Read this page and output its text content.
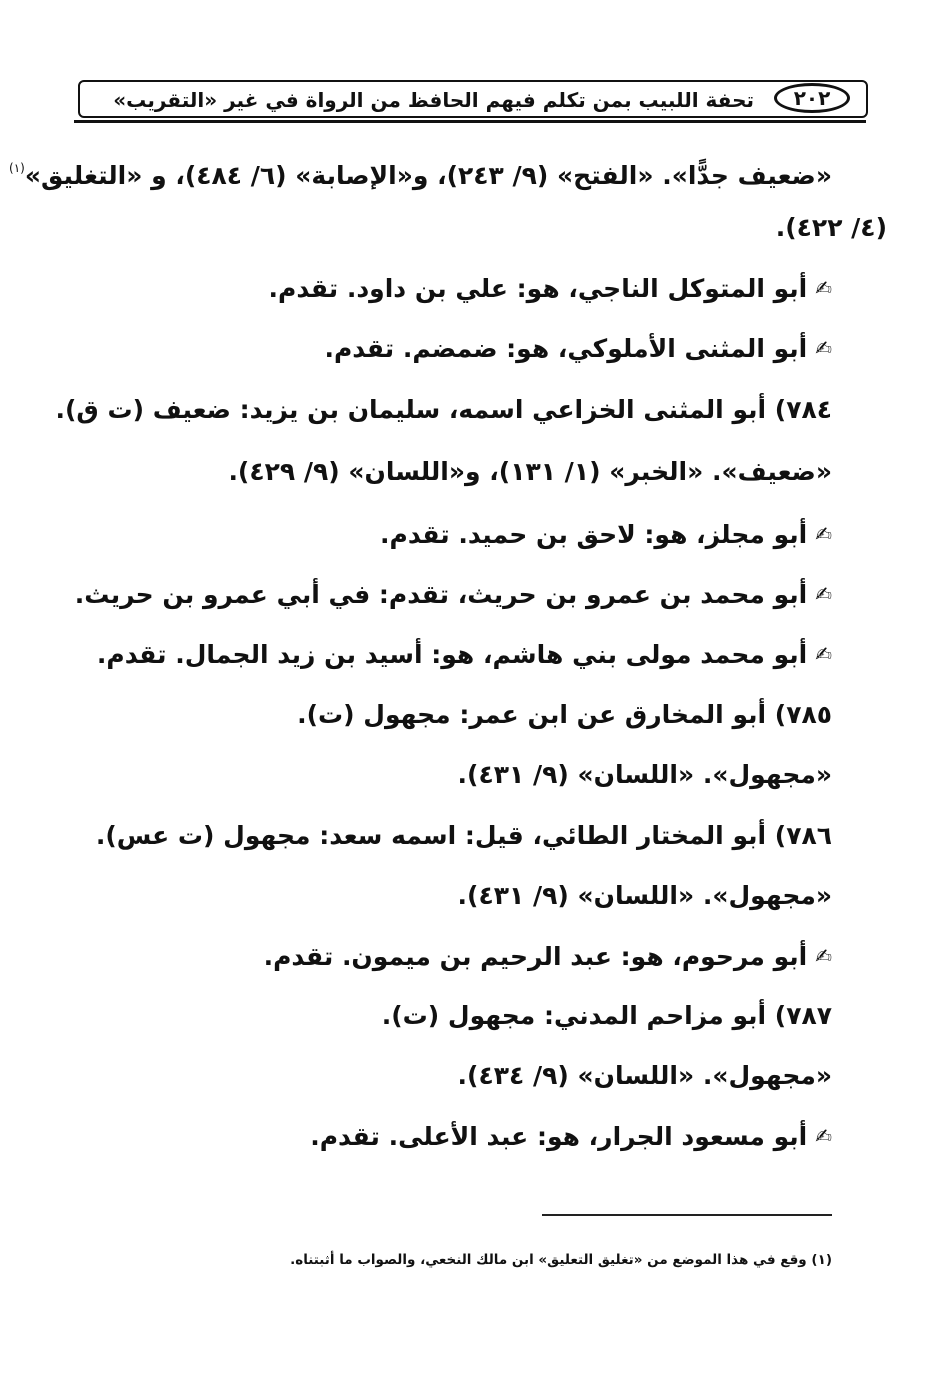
٢٠٢
تحفة اللبيب بمن تكلم فيهم الحافظ من الرواة في غير «التقريب»
«ضعيف جدًّا». «الفتح» (٩/ ٢٤٣)، و«الإصابة» (٦/ ٤٨٤)، و «التغليق»$^{(١)}$
(٤/ ٤٢٢).
✍أبو المتوكل الناجي، هو: علي بن داود. تقدم.
✍أبو المثنى الأملوكي، هو: ضمضم. تقدم.
٧٨٤) أبو المثنى الخزاعي اسمه، سليمان بن يزيد: ضعيف (ت ق).
«ضعيف». «الخبر» (١/ ١٣١)، و«اللسان» (٩/ ٤٢٩).
✍أبو مجلز، هو: لاحق بن حميد. تقدم.
✍أبو محمد بن عمرو بن حريث، تقدم: في أبي عمرو بن حريث.
✍أبو محمد مولى بني هاشم، هو: أسيد بن زيد الجمال. تقدم.
٧٨٥) أبو المخارق عن ابن عمر: مجهول (ت).
«مجهول». «اللسان» (٩/ ٤٣١).
٧٨٦) أبو المختار الطائي، قيل: اسمه سعد: مجهول (ت عس).
«مجهول». «اللسان» (٩/ ٤٣١).
✍أبو مرحوم، هو: عبد الرحيم بن ميمون. تقدم.
٧٨٧) أبو مزاحم المدني: مجهول (ت).
«مجهول». «اللسان» (٩/ ٤٣٤).
✍أبو مسعود الجرار، هو: عبد الأعلى. تقدم.
(١) وقع في هذا الموضع من «تغليق التعليق» ابن مالك النخعي، والصواب ما أثبتناه.
